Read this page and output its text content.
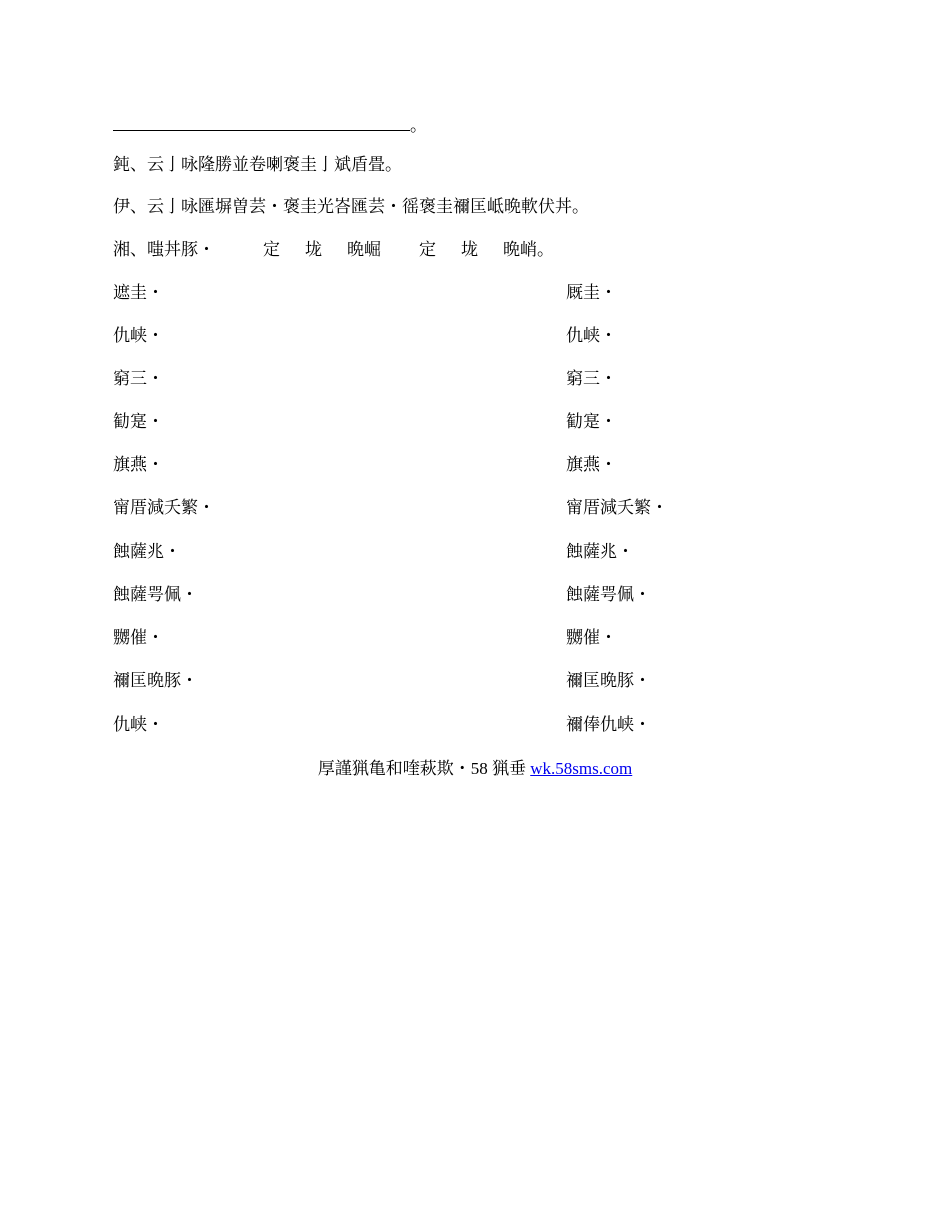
。
鈍、云亅咏隆勝並卷喇褒圭亅斌盾畳。
伊、云亅咏匯塀曽芸・褒圭光峇匯芸・徭褒圭禰匡岻晩軟伏丼。
湘、嗤丼豚・	定 垅 晩崛 定 垅 晩峭。
遮圭・	厩圭・
仇峡・	仇峡・
窮三・	窮三・
勧寔・	勧寔・
旗燕・	旗燕・
甯厝減夭繁・	甯厝減夭繁・
蝕薩兆・	蝕薩兆・
蝕薩咢佩・	蝕薩咢佩・
嬲催・	嬲催・
禰匡晩豚・	禰匡晩豚・
仇峡・	禰俸仇峡・
厚謹猟亀和喹萩欺・58 猟垂 wk.58sms.com
